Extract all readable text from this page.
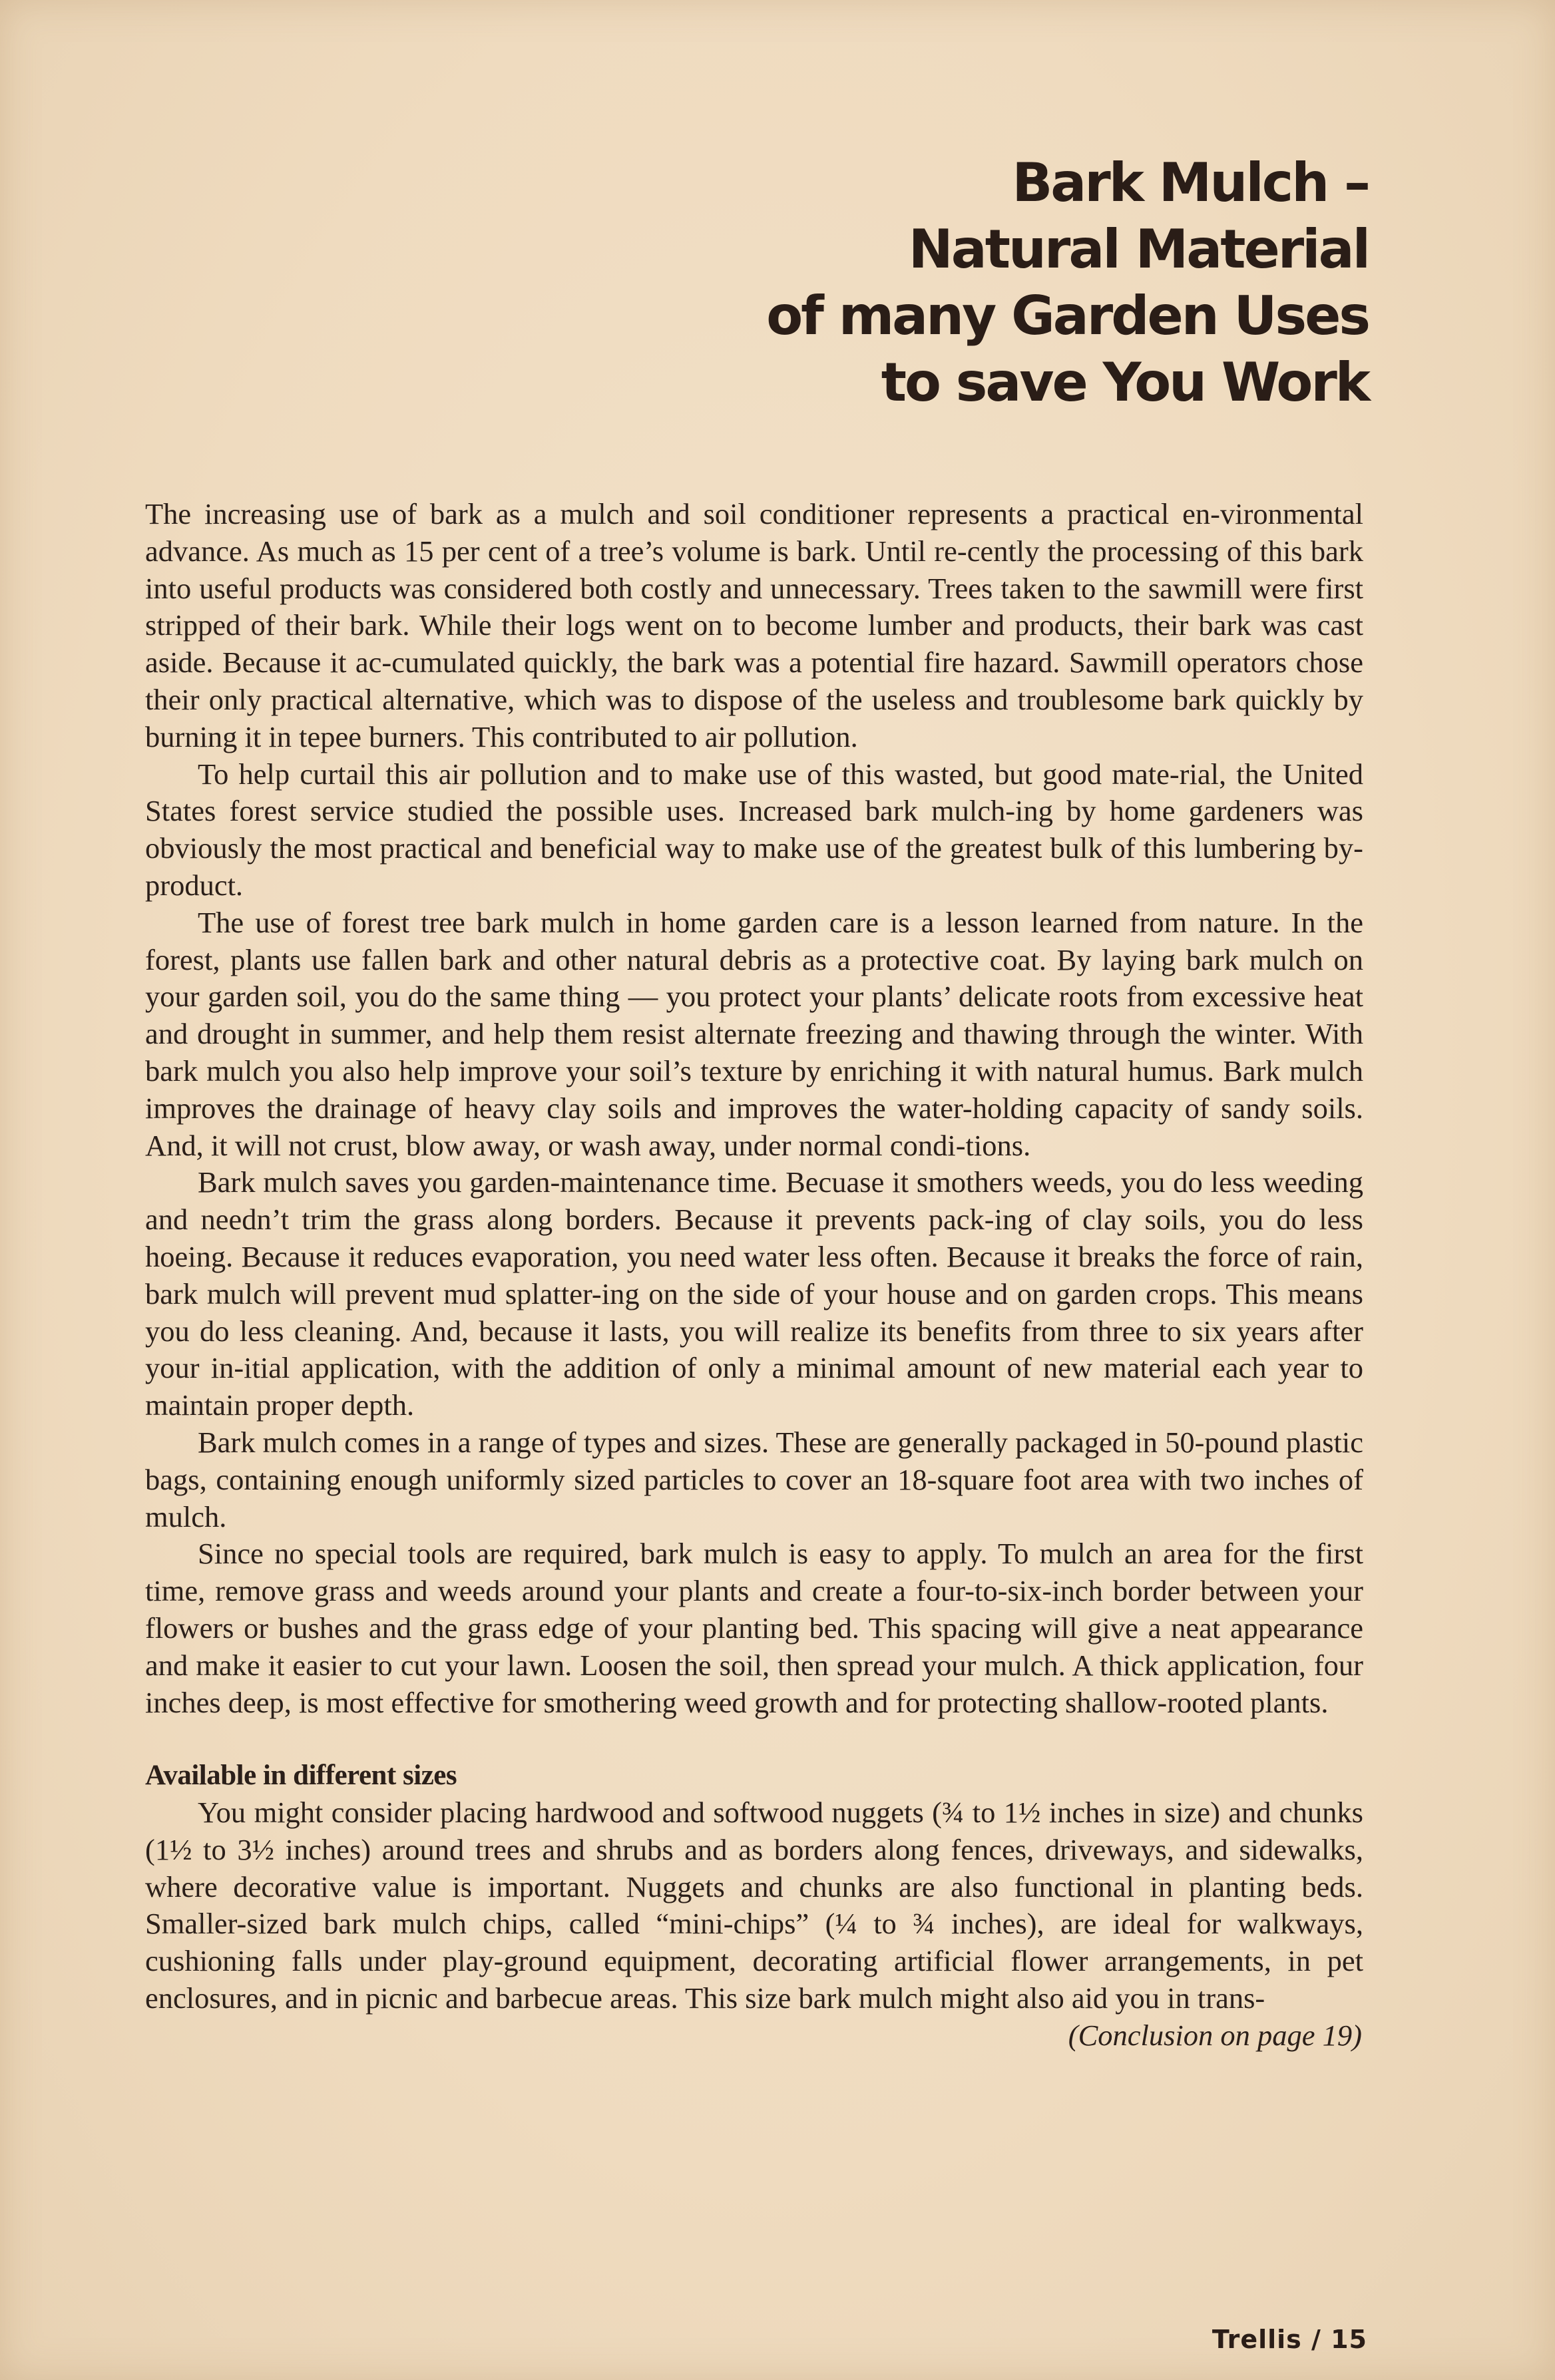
Bark Mulch –
Natural Material
of many Garden Uses
to save You Work

The increasing use of bark as a mulch and soil conditioner represents a practical en-vironmental advance. As much as 15 per cent of a tree’s volume is bark. Until re-cently the processing of this bark into useful products was considered both costly and unnecessary. Trees taken to the sawmill were first stripped of their bark. While their logs went on to become lumber and products, their bark was cast aside. Because it ac-cumulated quickly, the bark was a potential fire hazard. Sawmill operators chose their only practical alternative, which was to dispose of the useless and troublesome bark quickly by burning it in tepee burners. This contributed to air pollution.

To help curtail this air pollution and to make use of this wasted, but good mate-rial, the United States forest service studied the possible uses. Increased bark mulch-ing by home gardeners was obviously the most practical and beneficial way to make use of the greatest bulk of this lumbering by-product.

The use of forest tree bark mulch in home garden care is a lesson learned from nature. In the forest, plants use fallen bark and other natural debris as a protective coat. By laying bark mulch on your garden soil, you do the same thing — you protect your plants’ delicate roots from excessive heat and drought in summer, and help them resist alternate freezing and thawing through the winter. With bark mulch you also help improve your soil’s texture by enriching it with natural humus. Bark mulch improves the drainage of heavy clay soils and improves the water-holding capacity of sandy soils. And, it will not crust, blow away, or wash away, under normal condi-tions.

Bark mulch saves you garden-maintenance time. Becuase it smothers weeds, you do less weeding and needn’t trim the grass along borders. Because it prevents pack-ing of clay soils, you do less hoeing. Because it reduces evaporation, you need water less often. Because it breaks the force of rain, bark mulch will prevent mud splatter-ing on the side of your house and on garden crops. This means you do less cleaning. And, because it lasts, you will realize its benefits from three to six years after your in-itial application, with the addition of only a minimal amount of new material each year to maintain proper depth.

Bark mulch comes in a range of types and sizes. These are generally packaged in 50-pound plastic bags, containing enough uniformly sized particles to cover an 18-square foot area with two inches of mulch.

Since no special tools are required, bark mulch is easy to apply. To mulch an area for the first time, remove grass and weeds around your plants and create a four-to-six-inch border between your flowers or bushes and the grass edge of your planting bed. This spacing will give a neat appearance and make it easier to cut your lawn. Loosen the soil, then spread your mulch. A thick application, four inches deep, is most effective for smothering weed growth and for protecting shallow-rooted plants.

Available in different sizes

You might consider placing hardwood and softwood nuggets (¾ to 1½ inches in size) and chunks (1½ to 3½ inches) around trees and shrubs and as borders along fences, driveways, and sidewalks, where decorative value is important. Nuggets and chunks are also functional in planting beds. Smaller-sized bark mulch chips, called “mini-chips” (¼ to ¾ inches), are ideal for walkways, cushioning falls under play-ground equipment, decorating artificial flower arrangements, in pet enclosures, and in picnic and barbecue areas. This size bark mulch might also aid you in trans-

(Conclusion on page 19)
Trellis / 15
